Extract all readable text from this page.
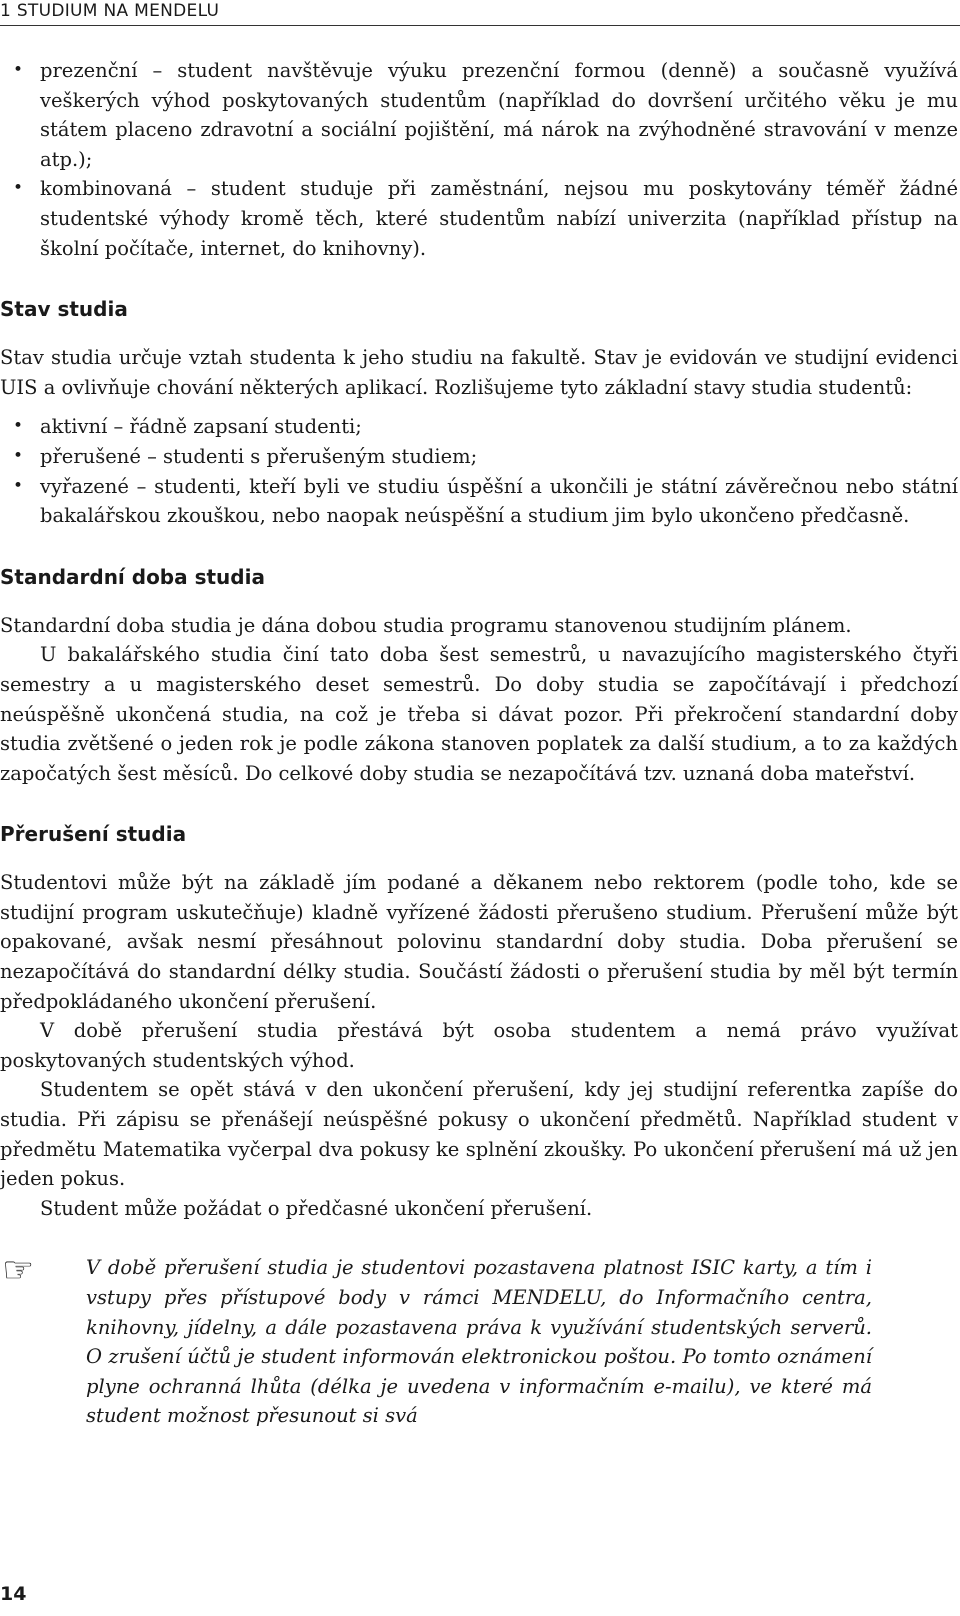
1 STUDIUM NA MENDELU
• prezenční – student navštěvuje výuku prezenční formou (denně) a současně využívá veškerých výhod poskytovaných studentům (například do dovršení určitého věku je mu státem placeno zdravotní a sociální pojištění, má nárok na zvýhodněné stravování v menze atp.);
• kombinovaná – student studuje při zaměstnání, nejsou mu poskytovány téměř žádné studentské výhody kromě těch, které studentům nabízí univerzita (například přístup na školní počítače, internet, do knihovny).
Stav studia

Stav studia určuje vztah studenta k jeho studiu na fakultě. Stav je evidován ve studijní evidenci UIS a ovlivňuje chování některých aplikací. Rozlišujeme tyto základní stavy studia studentů:

• aktivní – řádně zapsaní studenti;
• přerušené – studenti s přerušeným studiem;
• vyřazené – studenti, kteří byli ve studiu úspěšní a ukončili je státní závěrečnou nebo státní bakalářskou zkouškou, nebo naopak neúspěšní a studium jim bylo ukončeno předčasně.
Standardní doba studia

Standardní doba studia je dána dobou studia programu stanovenou studijním plánem.

U bakalářského studia činí tato doba šest semestrů, u navazujícího magisterského čtyři semestry a u magisterského deset semestrů. Do doby studia se započítávají i předchozí neúspěšně ukončená studia, na což je třeba si dávat pozor. Při překročení standardní doby studia zvětšené o jeden rok je podle zákona stanoven poplatek za další studium, a to za každých započatých šest měsíců. Do celkové doby studia se nezapočítává tzv. uznaná doba mateřství.

Přerušení studia

Studentovi může být na základě jím podané a děkanem nebo rektorem (podle toho, kde se studijní program uskutečňuje) kladně vyřízené žádosti přerušeno studium. Přerušení může být opakované, avšak nesmí přesáhnout polovinu standardní doby studia. Doba přerušení se nezapočítává do standardní délky studia. Součástí žádosti o přerušení studia by měl být termín předpokládaného ukončení přerušení.

V době přerušení studia přestává být osoba studentem a nemá právo využívat poskytovaných studentských výhod.

Studentem se opět stává v den ukončení přerušení, kdy jej studijní referentka zapíše do studia. Při zápisu se přenášejí neúspěšné pokusy o ukončení předmětů. Například student v předmětu Matematika vyčerpal dva pokusy ke splnění zkoušky. Po ukončení přerušení má už jen jeden pokus.

Student může požádat o předčasné ukončení přerušení.

☞	V době přerušení studia je studentovi pozastavena platnost ISIC karty, a tím i vstupy přes přístupové body v rámci MENDELU, do Informačního centra, knihovny, jídelny, a dále pozastavena práva k využívání studentských serverů. O zrušení účtů je student informován elektronickou poštou. Po tomto oznámení plyne ochranná lhůta (délka je uvedena v informačním e-mailu), ve které má student možnost přesunout si svá

14
